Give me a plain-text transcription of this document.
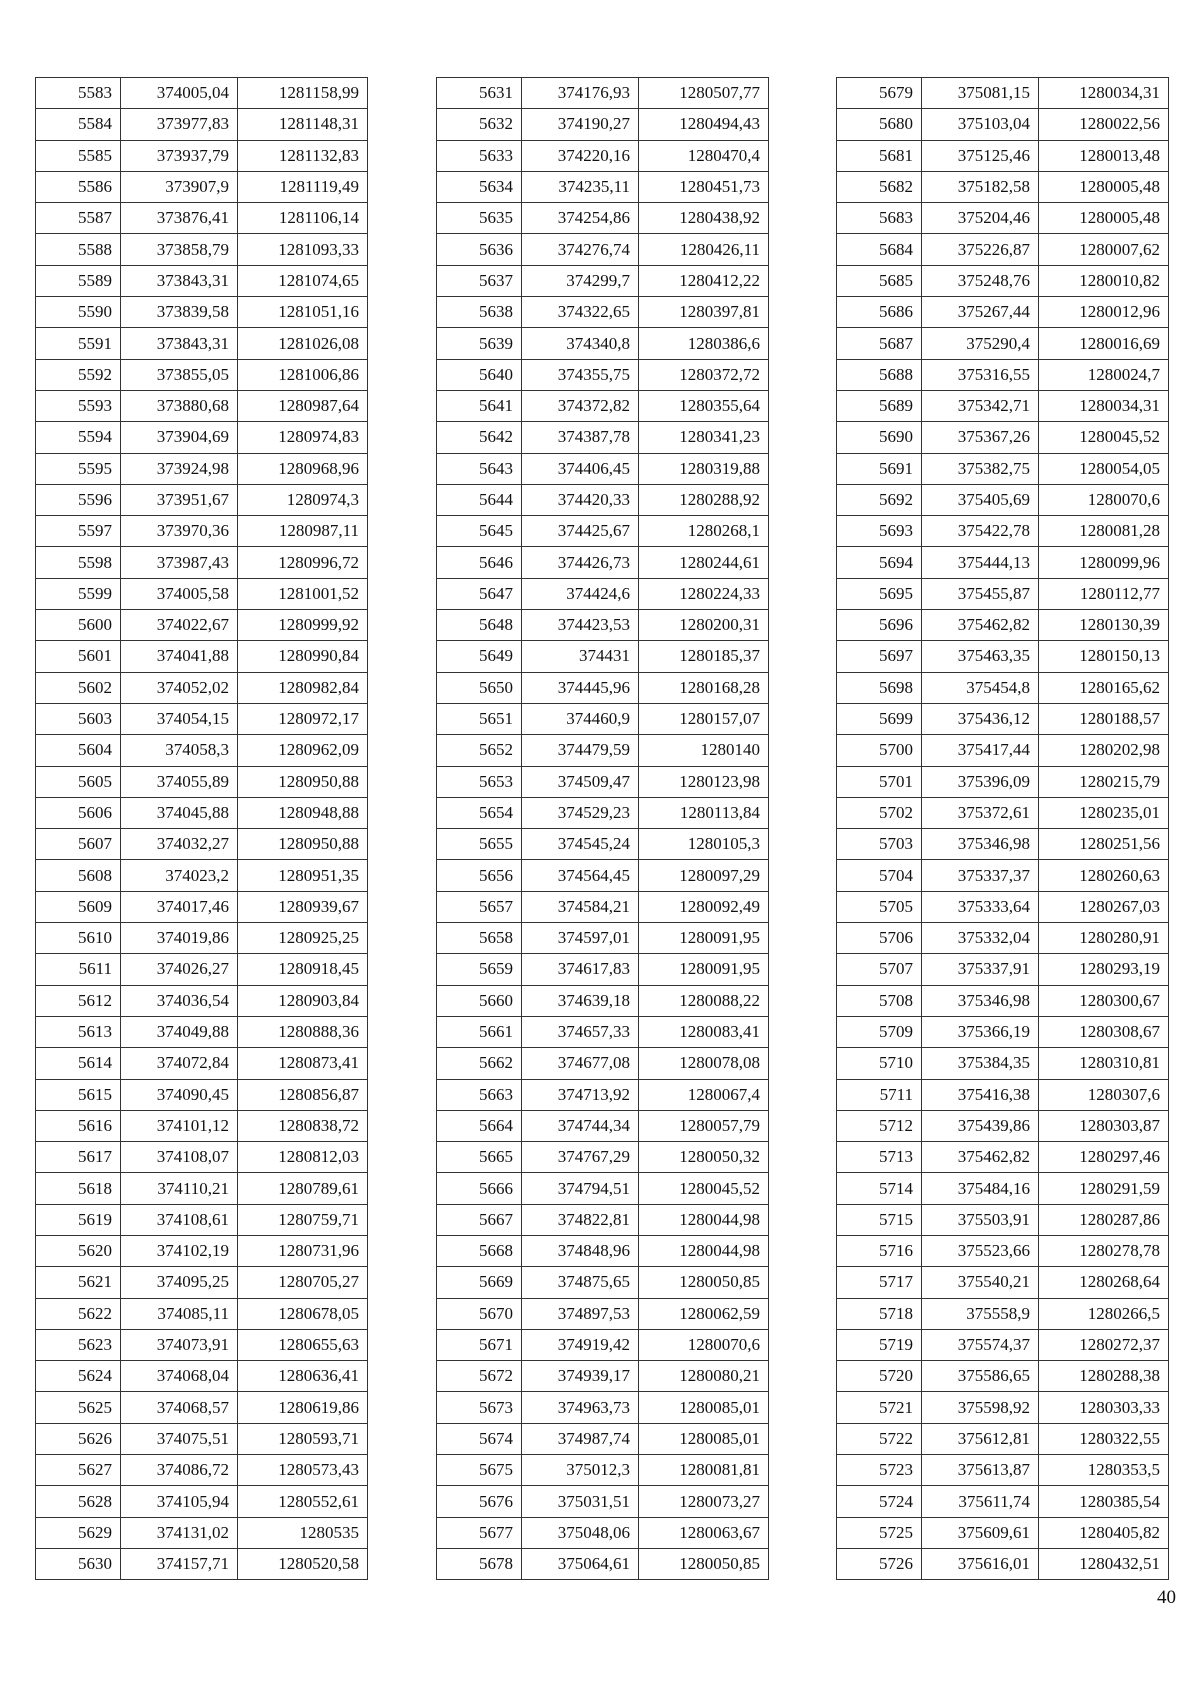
5583	374005,04	1281158,99
5584	373977,83	1281148,31
5585	373937,79	1281132,83
5586	373907,9	1281119,49
5587	373876,41	1281106,14
5588	373858,79	1281093,33
5589	373843,31	1281074,65
5590	373839,58	1281051,16
5591	373843,31	1281026,08
5592	373855,05	1281006,86
5593	373880,68	1280987,64
5594	373904,69	1280974,83
5595	373924,98	1280968,96
5596	373951,67	1280974,3
5597	373970,36	1280987,11
5598	373987,43	1280996,72
5599	374005,58	1281001,52
5600	374022,67	1280999,92
5601	374041,88	1280990,84
5602	374052,02	1280982,84
5603	374054,15	1280972,17
5604	374058,3	1280962,09
5605	374055,89	1280950,88
5606	374045,88	1280948,88
5607	374032,27	1280950,88
5608	374023,2	1280951,35
5609	374017,46	1280939,67
5610	374019,86	1280925,25
5611	374026,27	1280918,45
5612	374036,54	1280903,84
5613	374049,88	1280888,36
5614	374072,84	1280873,41
5615	374090,45	1280856,87
5616	374101,12	1280838,72
5617	374108,07	1280812,03
5618	374110,21	1280789,61
5619	374108,61	1280759,71
5620	374102,19	1280731,96
5621	374095,25	1280705,27
5622	374085,11	1280678,05
5623	374073,91	1280655,63
5624	374068,04	1280636,41
5625	374068,57	1280619,86
5626	374075,51	1280593,71
5627	374086,72	1280573,43
5628	374105,94	1280552,61
5629	374131,02	1280535
5630	374157,71	1280520,58
5631	374176,93	1280507,77
5632	374190,27	1280494,43
5633	374220,16	1280470,4
5634	374235,11	1280451,73
5635	374254,86	1280438,92
5636	374276,74	1280426,11
5637	374299,7	1280412,22
5638	374322,65	1280397,81
5639	374340,8	1280386,6
5640	374355,75	1280372,72
5641	374372,82	1280355,64
5642	374387,78	1280341,23
5643	374406,45	1280319,88
5644	374420,33	1280288,92
5645	374425,67	1280268,1
5646	374426,73	1280244,61
5647	374424,6	1280224,33
5648	374423,53	1280200,31
5649	374431	1280185,37
5650	374445,96	1280168,28
5651	374460,9	1280157,07
5652	374479,59	1280140
5653	374509,47	1280123,98
5654	374529,23	1280113,84
5655	374545,24	1280105,3
5656	374564,45	1280097,29
5657	374584,21	1280092,49
5658	374597,01	1280091,95
5659	374617,83	1280091,95
5660	374639,18	1280088,22
5661	374657,33	1280083,41
5662	374677,08	1280078,08
5663	374713,92	1280067,4
5664	374744,34	1280057,79
5665	374767,29	1280050,32
5666	374794,51	1280045,52
5667	374822,81	1280044,98
5668	374848,96	1280044,98
5669	374875,65	1280050,85
5670	374897,53	1280062,59
5671	374919,42	1280070,6
5672	374939,17	1280080,21
5673	374963,73	1280085,01
5674	374987,74	1280085,01
5675	375012,3	1280081,81
5676	375031,51	1280073,27
5677	375048,06	1280063,67
5678	375064,61	1280050,85
5679	375081,15	1280034,31
5680	375103,04	1280022,56
5681	375125,46	1280013,48
5682	375182,58	1280005,48
5683	375204,46	1280005,48
5684	375226,87	1280007,62
5685	375248,76	1280010,82
5686	375267,44	1280012,96
5687	375290,4	1280016,69
5688	375316,55	1280024,7
5689	375342,71	1280034,31
5690	375367,26	1280045,52
5691	375382,75	1280054,05
5692	375405,69	1280070,6
5693	375422,78	1280081,28
5694	375444,13	1280099,96
5695	375455,87	1280112,77
5696	375462,82	1280130,39
5697	375463,35	1280150,13
5698	375454,8	1280165,62
5699	375436,12	1280188,57
5700	375417,44	1280202,98
5701	375396,09	1280215,79
5702	375372,61	1280235,01
5703	375346,98	1280251,56
5704	375337,37	1280260,63
5705	375333,64	1280267,03
5706	375332,04	1280280,91
5707	375337,91	1280293,19
5708	375346,98	1280300,67
5709	375366,19	1280308,67
5710	375384,35	1280310,81
5711	375416,38	1280307,6
5712	375439,86	1280303,87
5713	375462,82	1280297,46
5714	375484,16	1280291,59
5715	375503,91	1280287,86
5716	375523,66	1280278,78
5717	375540,21	1280268,64
5718	375558,9	1280266,5
5719	375574,37	1280272,37
5720	375586,65	1280288,38
5721	375598,92	1280303,33
5722	375612,81	1280322,55
5723	375613,87	1280353,5
5724	375611,74	1280385,54
5725	375609,61	1280405,82
5726	375616,01	1280432,51
40
